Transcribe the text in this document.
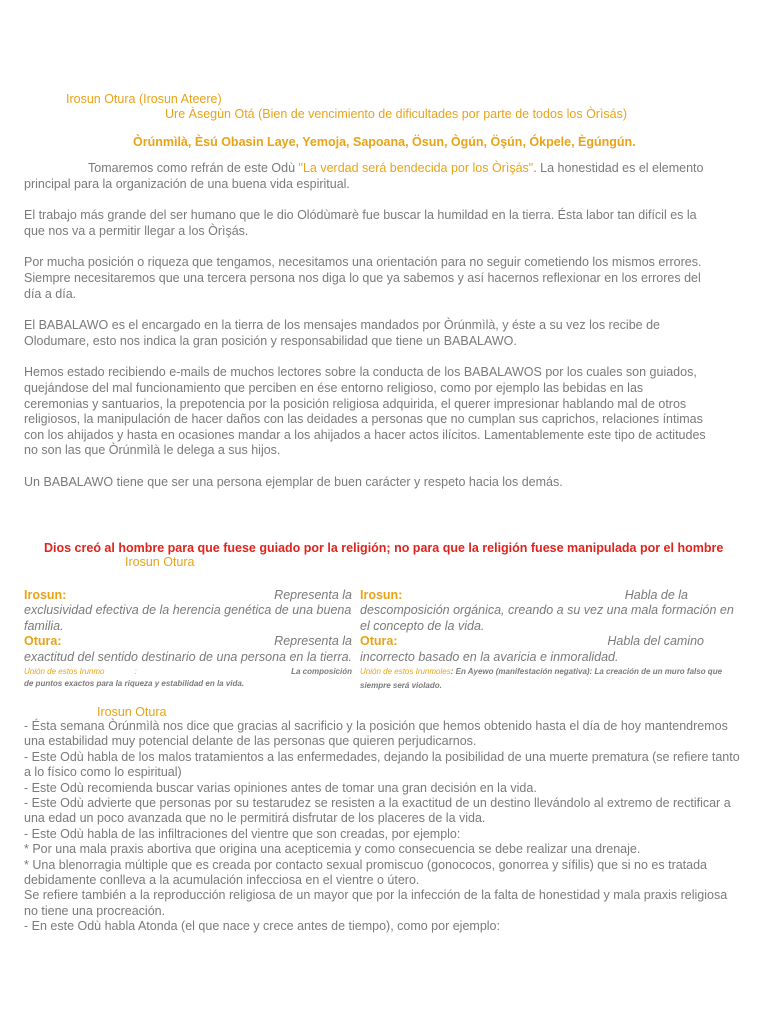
Irosun Otura (Irosun Ateere)
Ure Àsegùn Otá (Bien de vencimiento de dificultades por parte de todos los Òrìsás)
Òrúnmìlà, Èsú Obasin Laye, Yemoja, Sapoana, Ösun, Ògún, Öşún, Ókpele, Ègúngún.

Tomaremos como refrán de este Odù "La verdad será bendecida por los Òrìşás". La honestidad es el elemento principal para la organización de una buena vida espiritual.

El trabajo más grande del ser humano que le dio Olódùmarè fue buscar la humildad en la tierra. Ésta labor tan difícil es la que nos va a permitir llegar a los Òrìşás.

Por mucha posición o riqueza que tengamos, necesitamos una orientación para no seguir cometiendo los mismos errores. Siempre necesitaremos que una tercera persona nos diga lo que ya sabemos y así hacernos reflexionar en los errores del día a día.

El BABALAWO es el encargado en la tierra de los mensajes mandados por Òrúnmìlà, y éste a su vez los recibe de Olodumare, esto nos indica la gran posición y responsabilidad que tiene un BABALAWO.

Hemos estado recibiendo e-mails de muchos lectores sobre la conducta de los BABALAWOS por los cuales son guiados, quejándose del mal funcionamiento que perciben en ése entorno religioso, como por ejemplo las bebidas en las ceremonias y santuarios, la prepotencia por la posición religiosa adquirida, el querer impresionar hablando mal de otros religiosos, la manipulación de hacer daños con las deidades a personas que no cumplan sus caprichos, relaciones íntimas con los ahijados y hasta en ocasiones mandar a los ahijados a hacer actos ilícitos. Lamentablemente este tipo de actitudes no son las que Òrúnmìlà le delega a sus hijos.

Un BABALAWO tiene que ser una persona ejemplar de buen carácter y respeto hacia los demás.

Dios creó al hombre para que fuese guiado por la religión; no para que la religión fuese manipulada por el hombre
Irosun Otura
Irosun:	Representa la
exclusividad efectiva de la herencia genética de una buena familia.
Otura:	Representa la
exactitud del sentido destinario de una persona en la tierra.
Unión de estos Irunmo	:	La composición
de puntos exactos para la riqueza y estabilidad en la vida.
Irosun:	Habla de la
descomposición orgánica, creando a su vez una mala formación en el concepto de la vida.
Otura:	Habla del camino
incorrecto basado en la avaricia e inmoralidad.
Unión de estos Irunmoles: En Ayewo (manifestación negativa): La creación de un muro falso que siempre será violado.
Irosun Otura
- Ésta semana Òrúnmìlà nos dice que gracias al sacrificio y la posición que hemos obtenido hasta el día de hoy mantendremos una estabilidad muy potencial delante de las personas que quieren perjudicarnos.
- Este Odù habla de los malos tratamientos a las enfermedades, dejando la posibilidad de una muerte prematura (se refiere tanto a lo físico como lo espiritual)
- Este Odù recomienda buscar varias opiniones antes de tomar una gran decisión en la vida.
- Este Odù advierte que personas por su testarudez se resisten a la exactitud de un destino llevándolo al extremo de rectificar a una edad un poco avanzada que no le permitirá disfrutar de los placeres de la vida.
- Este Odù habla de las infiltraciones del vientre que son creadas, por ejemplo:
* Por una mala praxis abortiva que origina una acepticemia y como consecuencia se debe realizar una drenaje.
* Una blenorragia múltiple que es creada por contacto sexual promiscuo (gonococos, gonorrea y sífilis) que si no es tratada debidamente conlleva a la acumulación infecciosa en el vientre o útero.
Se refiere también a la reproducción religiosa de un mayor que por la infección de la falta de honestidad y mala praxis religiosa no tiene una procreación.
- En este Odù habla Atonda (el que nace y crece antes de tiempo), como por ejemplo:
